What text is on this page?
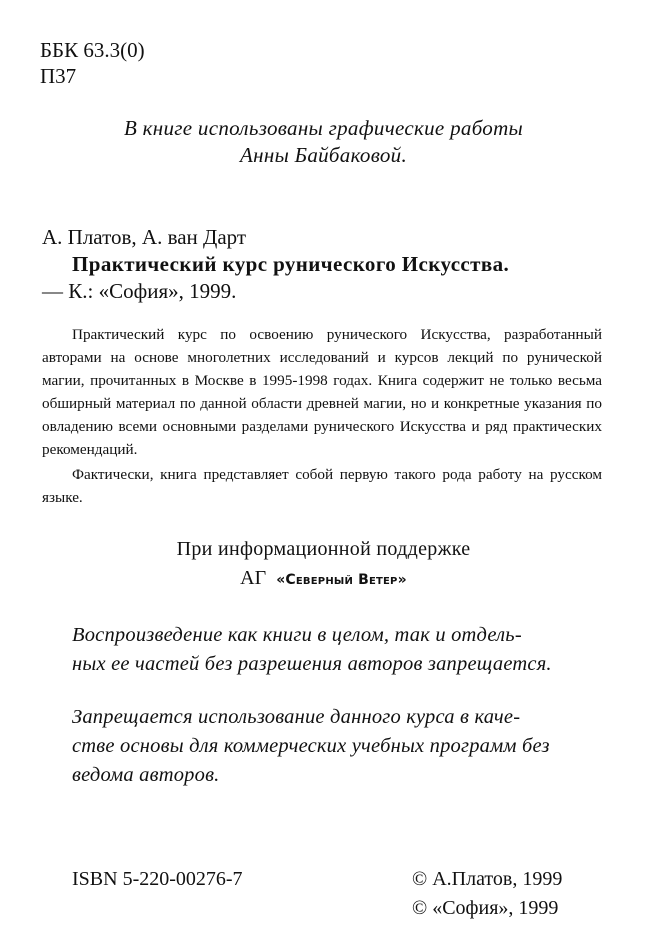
ББК 63.3(0)
П37
В книге использованы графические работы
Анны Байбаковой.
А. Платов, А. ван Дарт
Практический курс рунического Искусства.
— К.: «София», 1999.

Практический курс по освоению рунического Искусства, разработанный авторами на основе многолетних исследований и курсов лекций по рунической магии, прочитанных в Москве в 1995-1998 годах. Книга содержит не только весьма обширный материал по данной области древней магии, но и конкретные указания по овладению всеми основными разделами рунического Искусства и ряд практических рекомендаций.

Фактически, книга представляет собой первую такого рода работу на русском языке.

При информационной поддержке
АГ «Северный Ветер»
Воспроизведение как книги в целом, так и отдель-
ных ее частей без разрешения авторов запрещается.
Запрещается использование данного курса в каче-
стве основы для коммерческих учебных программ без
ведома авторов.
ISBN 5-220-00276-7	© А.Платов, 1999
© «София», 1999
